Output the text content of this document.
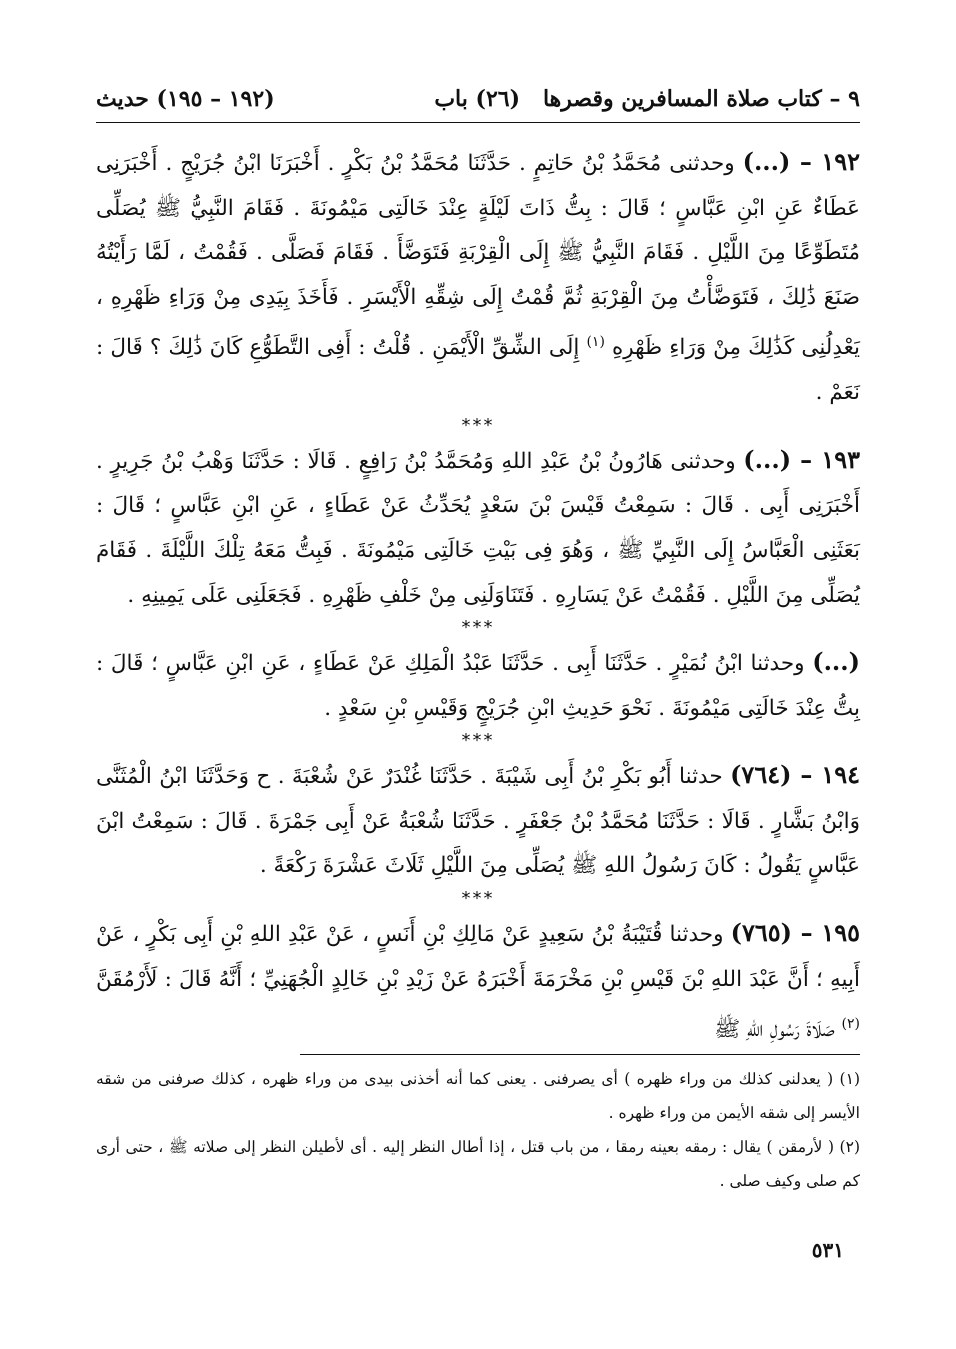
٩ – كتاب صلاة المسافرين وقصرها
(٢٦) باب
(١٩٢ – ١٩٥) حديث

١٩٢ – (...) وحدثنى مُحَمَّدُ بْنُ حَاتِمٍ . حَدَّثَنَا مُحَمَّدُ بْنُ بَكْرٍ . أَخْبَرَنَا ابْنُ جُرَيْجٍ . أَخْبَرَنِى عَطَاءٌ عَنِ ابْنِ عَبَّاسٍ ؛ قَالَ : بِتُّ ذَاتَ لَيْلَةٍ عِنْدَ خَالَتِى مَيْمُونَةَ . فَقَامَ النَّبِيُّ ﷺ يُصَلِّى مُتَطَوِّعًا مِنَ اللَّيْلِ . فَقَامَ النَّبِيُّ ﷺ إِلَى الْقِرْبَةِ فَتَوَضَّأَ . فَقَامَ فَصَلَّى . فَقُمْتُ ، لَمَّا رَأَيْتُهُ صَنَعَ ذَٰلِكَ ، فَتَوَضَّأْتُ مِنَ الْقِرْبَةِ ثُمَّ قُمْتُ إِلَى شِقِّهِ الْأَيْسَرِ . فَأَخَذَ بِيَدِى مِنْ وَرَاءِ ظَهْرِهِ ، يَعْدِلُنِى كَذَٰلِكَ مِنْ وَرَاءِ ظَهْرِهِ $^{(١)}$ إِلَى الشِّقِّ الْأَيْمَنِ . قُلْتُ : أَفِى التَّطَوُّعِ كَانَ ذَٰلِكَ ؟ قَالَ : نَعَمْ .

***

١٩٣ – (...) وحدثنى هَارُونُ بْنُ عَبْدِ اللهِ وَمُحَمَّدُ بْنُ رَافِعٍ . قَالَا : حَدَّثَنَا وَهْبُ بْنُ جَرِيرٍ . أَخْبَرَنِى أَبِى . قَالَ : سَمِعْتُ قَيْسَ بْنَ سَعْدٍ يُحَدِّثُ عَنْ عَطَاءٍ ، عَنِ ابْنِ عَبَّاسٍ ؛ قَالَ : بَعَثَنِى الْعَبَّاسُ إِلَى النَّبِيِّ ﷺ ، وَهُوَ فِى بَيْتِ خَالَتِى مَيْمُونَةَ . فَبِتُّ مَعَهُ تِلْكَ اللَّيْلَةَ . فَقَامَ يُصَلِّى مِنَ اللَّيْلِ . فَقُمْتُ عَنْ يَسَارِهِ . فَتَنَاوَلَنِى مِنْ خَلْفِ ظَهْرِهِ . فَجَعَلَنِى عَلَى يَمِينِهِ .

***

(...) وحدثنا ابْنُ نُمَيْرٍ . حَدَّثَنَا أَبِى . حَدَّثَنَا عَبْدُ الْمَلِكِ عَنْ عَطَاءٍ ، عَنِ ابْنِ عَبَّاسٍ ؛ قَالَ : بِتُّ عِنْدَ خَالَتِى مَيْمُونَةَ . نَحْوَ حَدِيثِ ابْنِ جُرَيْجٍ وَقَيْسِ بْنِ سَعْدٍ .

***

١٩٤ – (٧٦٤) حدثنا أَبُو بَكْرِ بْنُ أَبِى شَيْبَةَ . حَدَّثَنَا غُنْدَرٌ عَنْ شُعْبَةَ . ح وَحَدَّثَنَا ابْنُ الْمُثَنَّى وَابْنُ بَشَّارٍ . قَالَا : حَدَّثَنَا مُحَمَّدُ بْنُ جَعْفَرٍ . حَدَّثَنَا شُعْبَةُ عَنْ أَبِى جَمْرَةَ . قَالَ : سَمِعْتُ ابْنَ عَبَّاسٍ يَقُولُ : كَانَ رَسُولُ اللهِ ﷺ يُصَلِّى مِنَ اللَّيْلِ ثَلَاثَ عَشْرَةَ رَكْعَةً .

***

١٩٥ – (٧٦٥) وحدثنا قُتَيْبَةُ بْنُ سَعِيدٍ عَنْ مَالِكِ بْنِ أَنَسٍ ، عَنْ عَبْدِ اللهِ بْنِ أَبِى بَكْرٍ ، عَنْ أَبِيهِ ؛ أَنَّ عَبْدَ اللهِ بْنَ قَيْسِ بْنِ مَخْرَمَةَ أَخْبَرَهُ عَنْ زَيْدِ بْنِ خَالِدٍ الْجُهَنِيِّ ؛ أَنَّهُ قَالَ : لَأَرْمُقَنَّ $^{(٢)}$ صَلَاةَ رَسُولِ اللهِ ﷺ

(١) ( يعدلنى كذلك من وراء ظهره ) أى يصرفنى . يعنى كما أنه أخذنى بيدى من وراء ظهره ، كذلك صرفنى من شقه الأيسر إلى شقه الأيمن من وراء ظهره .

(٢) ( لأرمقن ) يقال : رمقه بعينه رمقا ، من باب قتل ، إذا أطال النظر إليه . أى لأطيلن النظر إلى صلاته ﷺ ، حتى أرى كم صلى وكيف صلى .

٥٣١
